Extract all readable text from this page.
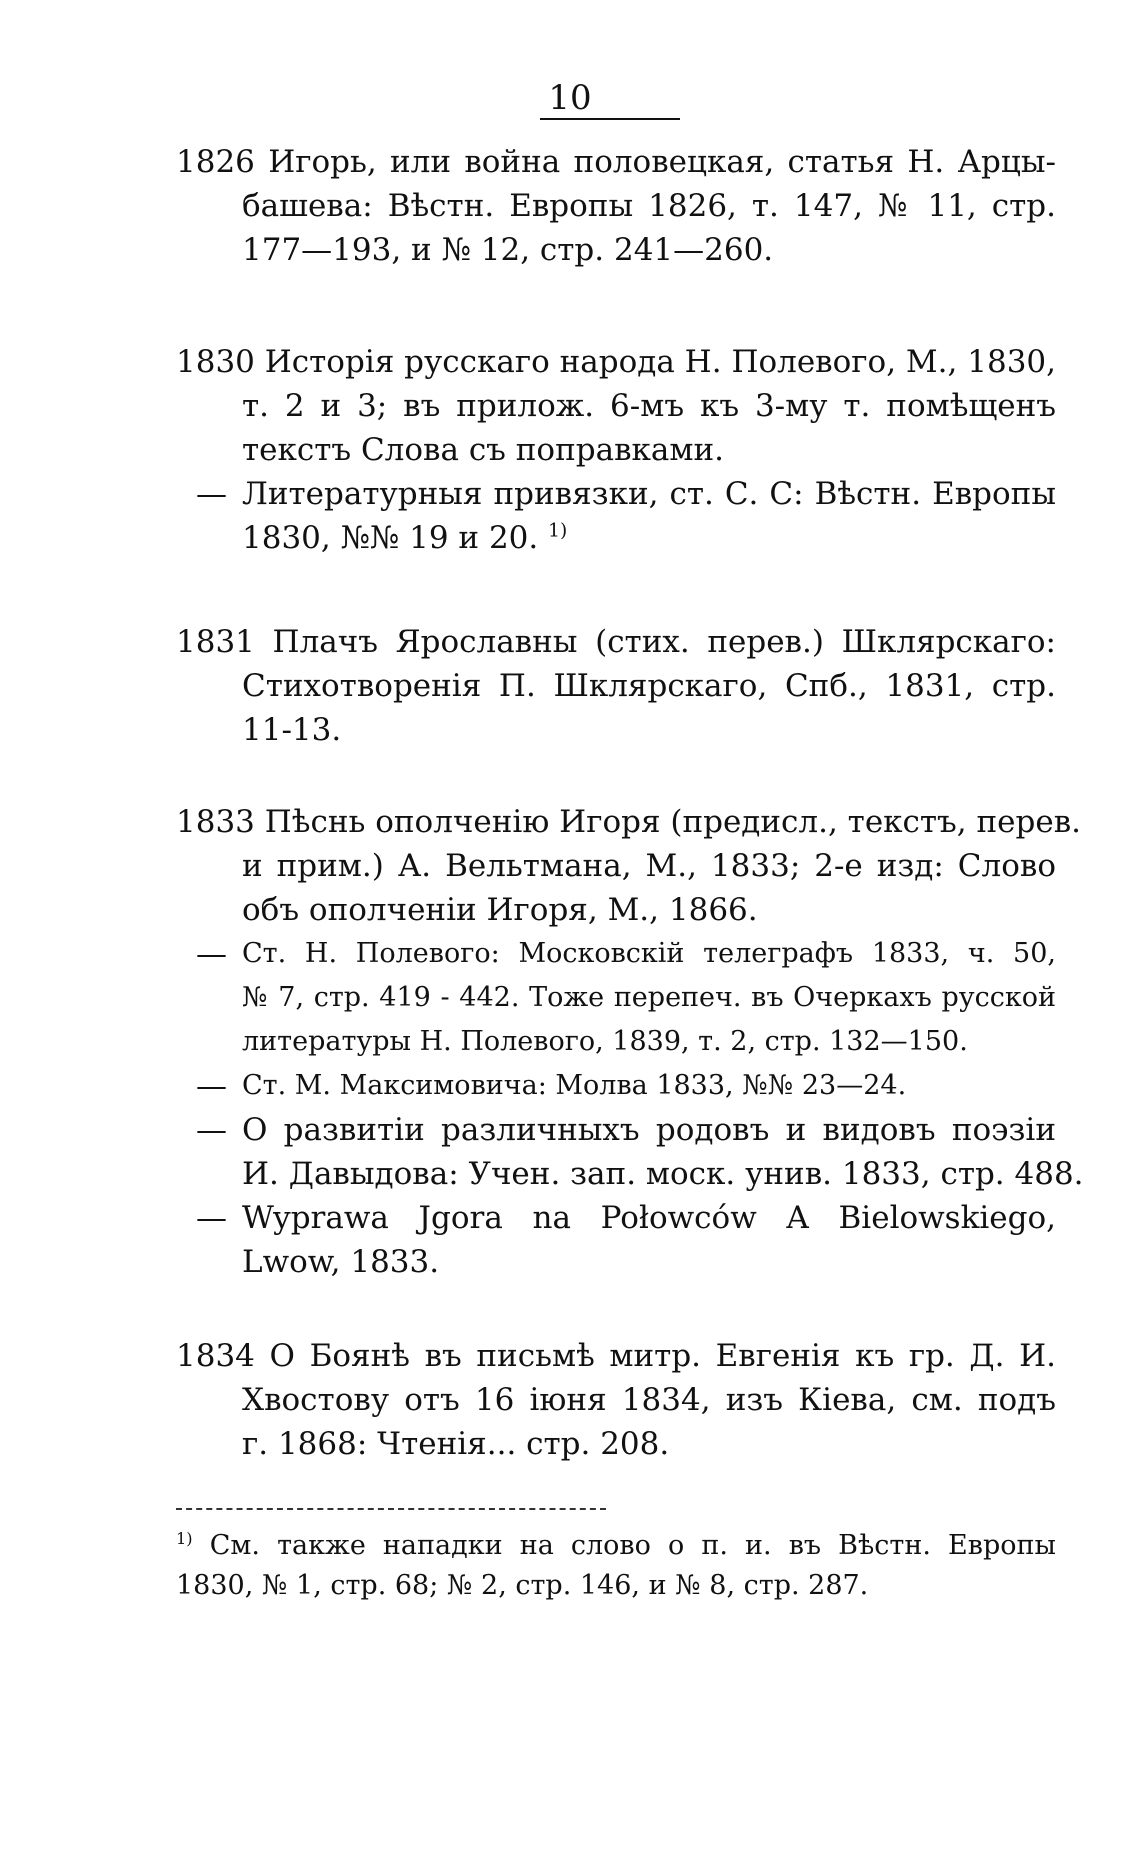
10
1826 Игорь, или война половецкая, статья Н. Арцы-
башева: Вѣстн. Европы 1826, т. 147, № 11, стр.
177—193, и № 12, стр. 241—260.
1830 Исторія русскаго народа Н. Полевого, М., 1830,
т. 2 и 3; въ прилож. 6-мъ къ 3-му т. помѣщенъ
текстъ Слова съ поправками.
— Литературныя привязки, ст. С. С: Вѣстн. Европы
1830, №№ 19 и 20. $^{1)}$
1831 Плачъ Ярославны (стих. перев.) Шклярскаго:
Стихотворенія П. Шклярскаго, Спб., 1831, стр.
11-13.
1833 Пѣснь ополченію Игоря (предисл., текстъ, перев.
и прим.) А. Вельтмана, М., 1833; 2-е изд: Слово
объ ополченіи Игоря, М., 1866.
— Ст. Н. Полевого: Московскій телеграфъ 1833, ч. 50,
№ 7, стр. 419 - 442. Тоже перепеч. въ Очеркахъ русской
литературы Н. Полевого, 1839, т. 2, стр. 132—150.
— Ст. М. Максимовича: Молва 1833, №№ 23—24.
— О развитіи различныхъ родовъ и видовъ поэзіи
И. Давыдова: Учен. зап. моск. унив. 1833, стр. 488.
— Wyprawa Jgora na Połowców A Bielowskiego,
Lwow, 1833.
1834 О Боянѣ въ письмѣ митр. Евгенія къ гр. Д. И.
Хвостову отъ 16 іюня 1834, изъ Кіева, см. подъ
г. 1868: Чтенія... стр. 208.
$^{1)}$ См. также нападки на слово о п. и. въ Вѣстн. Европы
1830, № 1, стр. 68; № 2, стр. 146, и № 8, стр. 287.
